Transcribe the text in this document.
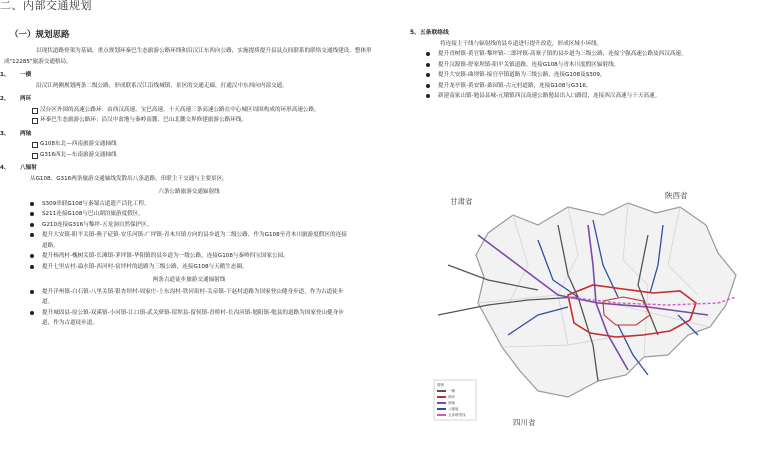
二、内部交通规划
（一）规划思路

以现状道路骨架为基础，重点规划环秦巴生态旅游公路环线和沿汉江东西向公路，实施提质提升县县点间联系的联络交通线建设，整体形成"12285"旅游交通格局。

1、 一横

沿汉江两侧规划两条二级公路，形成联系汉江沿线城镇、景区的交通走廊，打通汉中东西向内部交通。

2、 两环
汉台区外围的高速公路环：由西汉高速、宝巴高速、十天高速三条高速公路在中心城区周围构成的环形高速公路。
环秦巴生态旅游公路环：沿汉中盆地与秦岭南麓、巴山北麓交界修建旅游公路环线。
3、 两轴
G108东北—西南旅游交通轴线
G316西北—东南旅游交通轴线
4、 八辐射

从G108、G316两条旅游交通轴线发散出八条道路，串联主干交通与主要景区。

六条公路旅游交通辐射线

S309串联G108与秦蜀古道遗产活化工程。
S211连接G108与巴山湖泊旅游度假区。
G210连接G316与黎坪-五龙洞自然保护区。
提升大安镇-阳平关镇-燕子砭镇-安乐河镇-广坪镇-青木川镇方向的县乡道为二级公路，作为G108至青木川旅游度假区的连接道路。
提升杨湾村-槐树关镇-长滩镇-茅坪镇-华阳镇的县乡道为一级公路，连接G108与秦岭四宝国家公园。
提升七里店村-溢水镇-西河村-宿坪村的道路为三级公路，连接G108与天鹅生态圈。

两条古道徒步旅游交通辐射线

提升洋州镇-白石镇-八里关镇-银杏坝村-周家庄-上东沟村-铁河街村-关帝镇-下赵村道路为国家登山健身步道，作为古道徒步道。
提升城固县-原公镇-双溪镇-小河镇-江口镇-武关驿镇-留坝县-留侯镇-青桥村-长沟河镇-勉阳镇-勉县的道路为国家登山健身步道，作为古道徒步道。
5、五条联络线

将连接主干线与辐射线的县乡道进行提升改造，形成区域小环线。

提升青树镇-黄官镇-黎坪镇-二郎坪镇-高寨子镇的县乡道为三级公路，连接宁强高速公路及西汉高速。
提升汉源镇-舒家坝镇-阳平关镇道路，连接G108与青木川度假区辐射线。
提升大安镇-曲坝镇-接官亭镇道路为三级公路，连接G108及S309。
提升龙亭镇-黄安镇-桑园镇-古元村道路，连接G108与G316。
新建南家山镇-勉县县城-元墩镇西汉高速公路勉县出入口路段，连接西汉高速与十天高速。
甘肃省
陕西省
四川省
图例
一横
两环
两轴
八辐射
五条联络线
